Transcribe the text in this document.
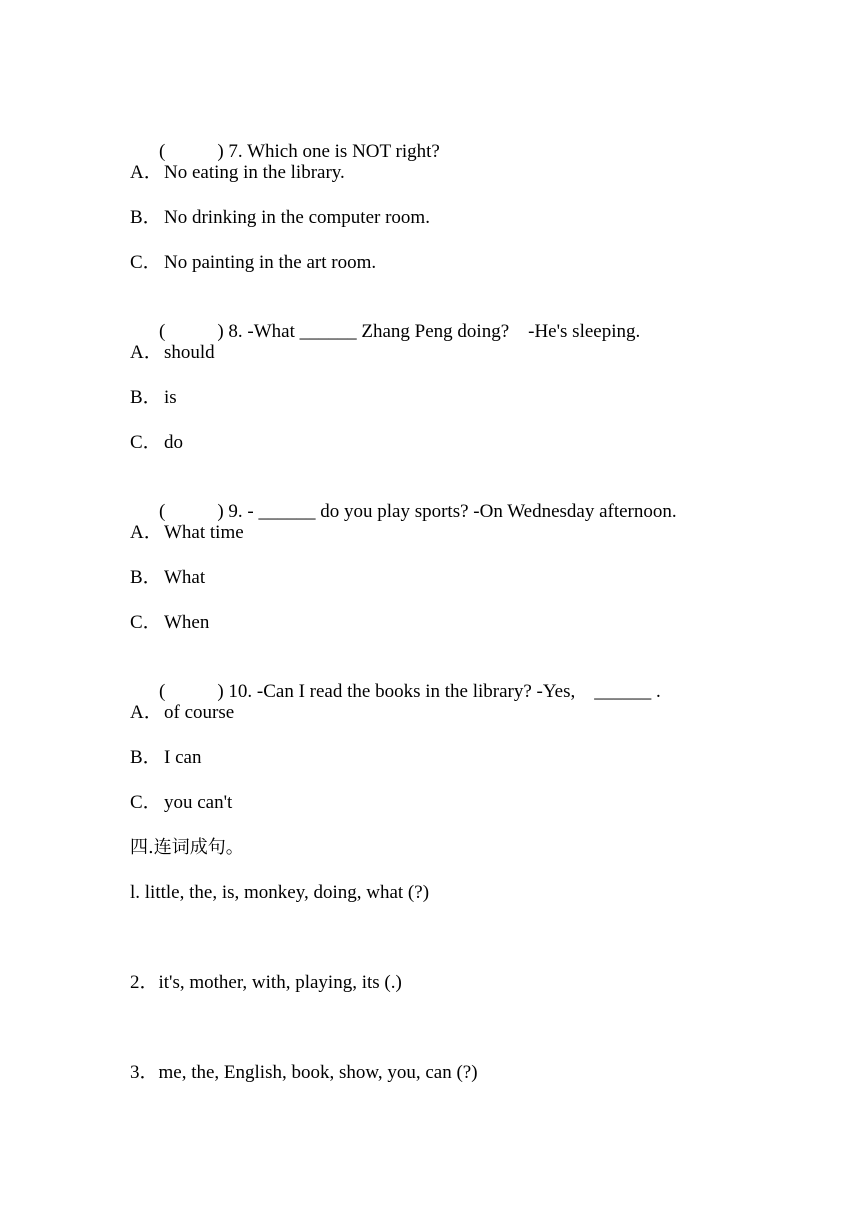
(	) 7. Which one is NOT right?

A．No eating in the library.
B． No drinking in the computer room.
C． No painting in the art room.

(	) 8. -What ______ Zhang Peng doing?    -He's sleeping.

A．should
B． is
C． do

(	) 9. - ______ do you play sports? -On Wednesday afternoon.

A．What time
B． What
C． When

(	) 10. -Can I read the books in the library? -Yes,    ______ .

A．of course
B． I can
C． you can't
四.连词成句。
l. little, the, is, monkey, doing, what (?)
2．it's, mother, with, playing, its (.)
3．me, the, English, book, show, you, can (?)
